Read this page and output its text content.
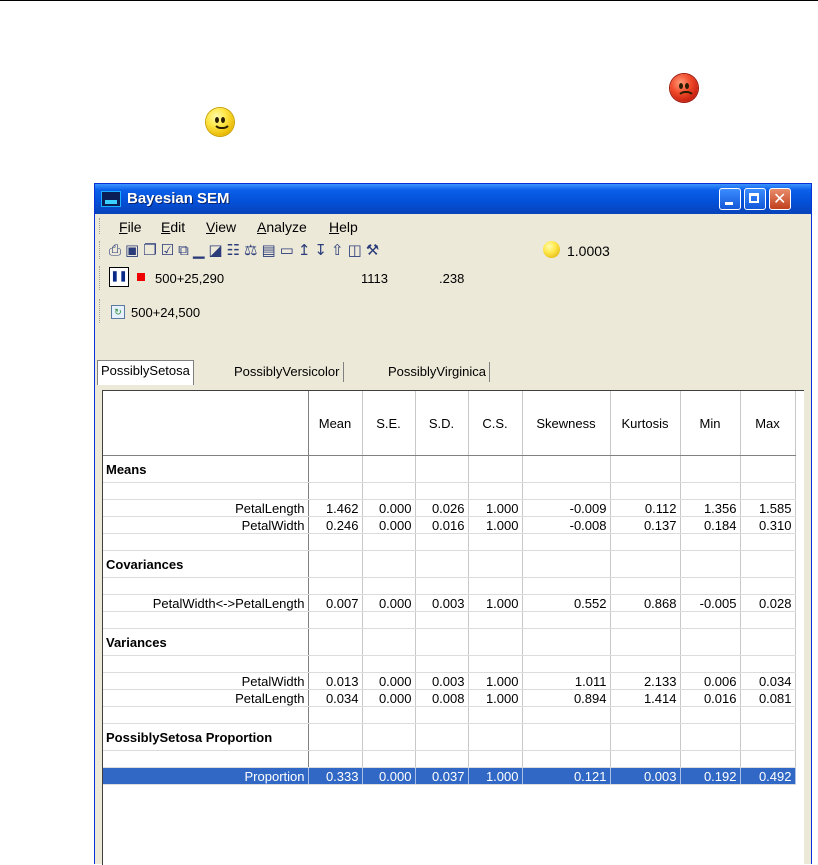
Bayesian SEM	✕
File Edit View Analyze Help
⎙▣❐☑⧉▁◪☷⚖▤▭↥↧⇧◫⚒	1.0003
❚❚ 500+25,290	1113	.238
↻ 500+24,500
PossiblySetosa	PossiblyVersicolor	PossiblyVirginica
	Mean	S.E.	S.D.	C.S.	Skewness	Kurtosis	Min	Max
Means								

PetalLength	1.462	0.000	0.026	1.000	-0.009	0.112	1.356	1.585
PetalWidth	0.246	0.000	0.016	1.000	-0.008	0.137	0.184	0.310

Covariances								

PetalWidth<->PetalLength	0.007	0.000	0.003	1.000	0.552	0.868	-0.005	0.028

Variances								

PetalWidth	0.013	0.000	0.003	1.000	1.011	2.133	0.006	0.034
PetalLength	0.034	0.000	0.008	1.000	0.894	1.414	0.016	0.081

PossiblySetosa Proportion								

Proportion	0.333	0.000	0.037	1.000	0.121	0.003	0.192	0.492
